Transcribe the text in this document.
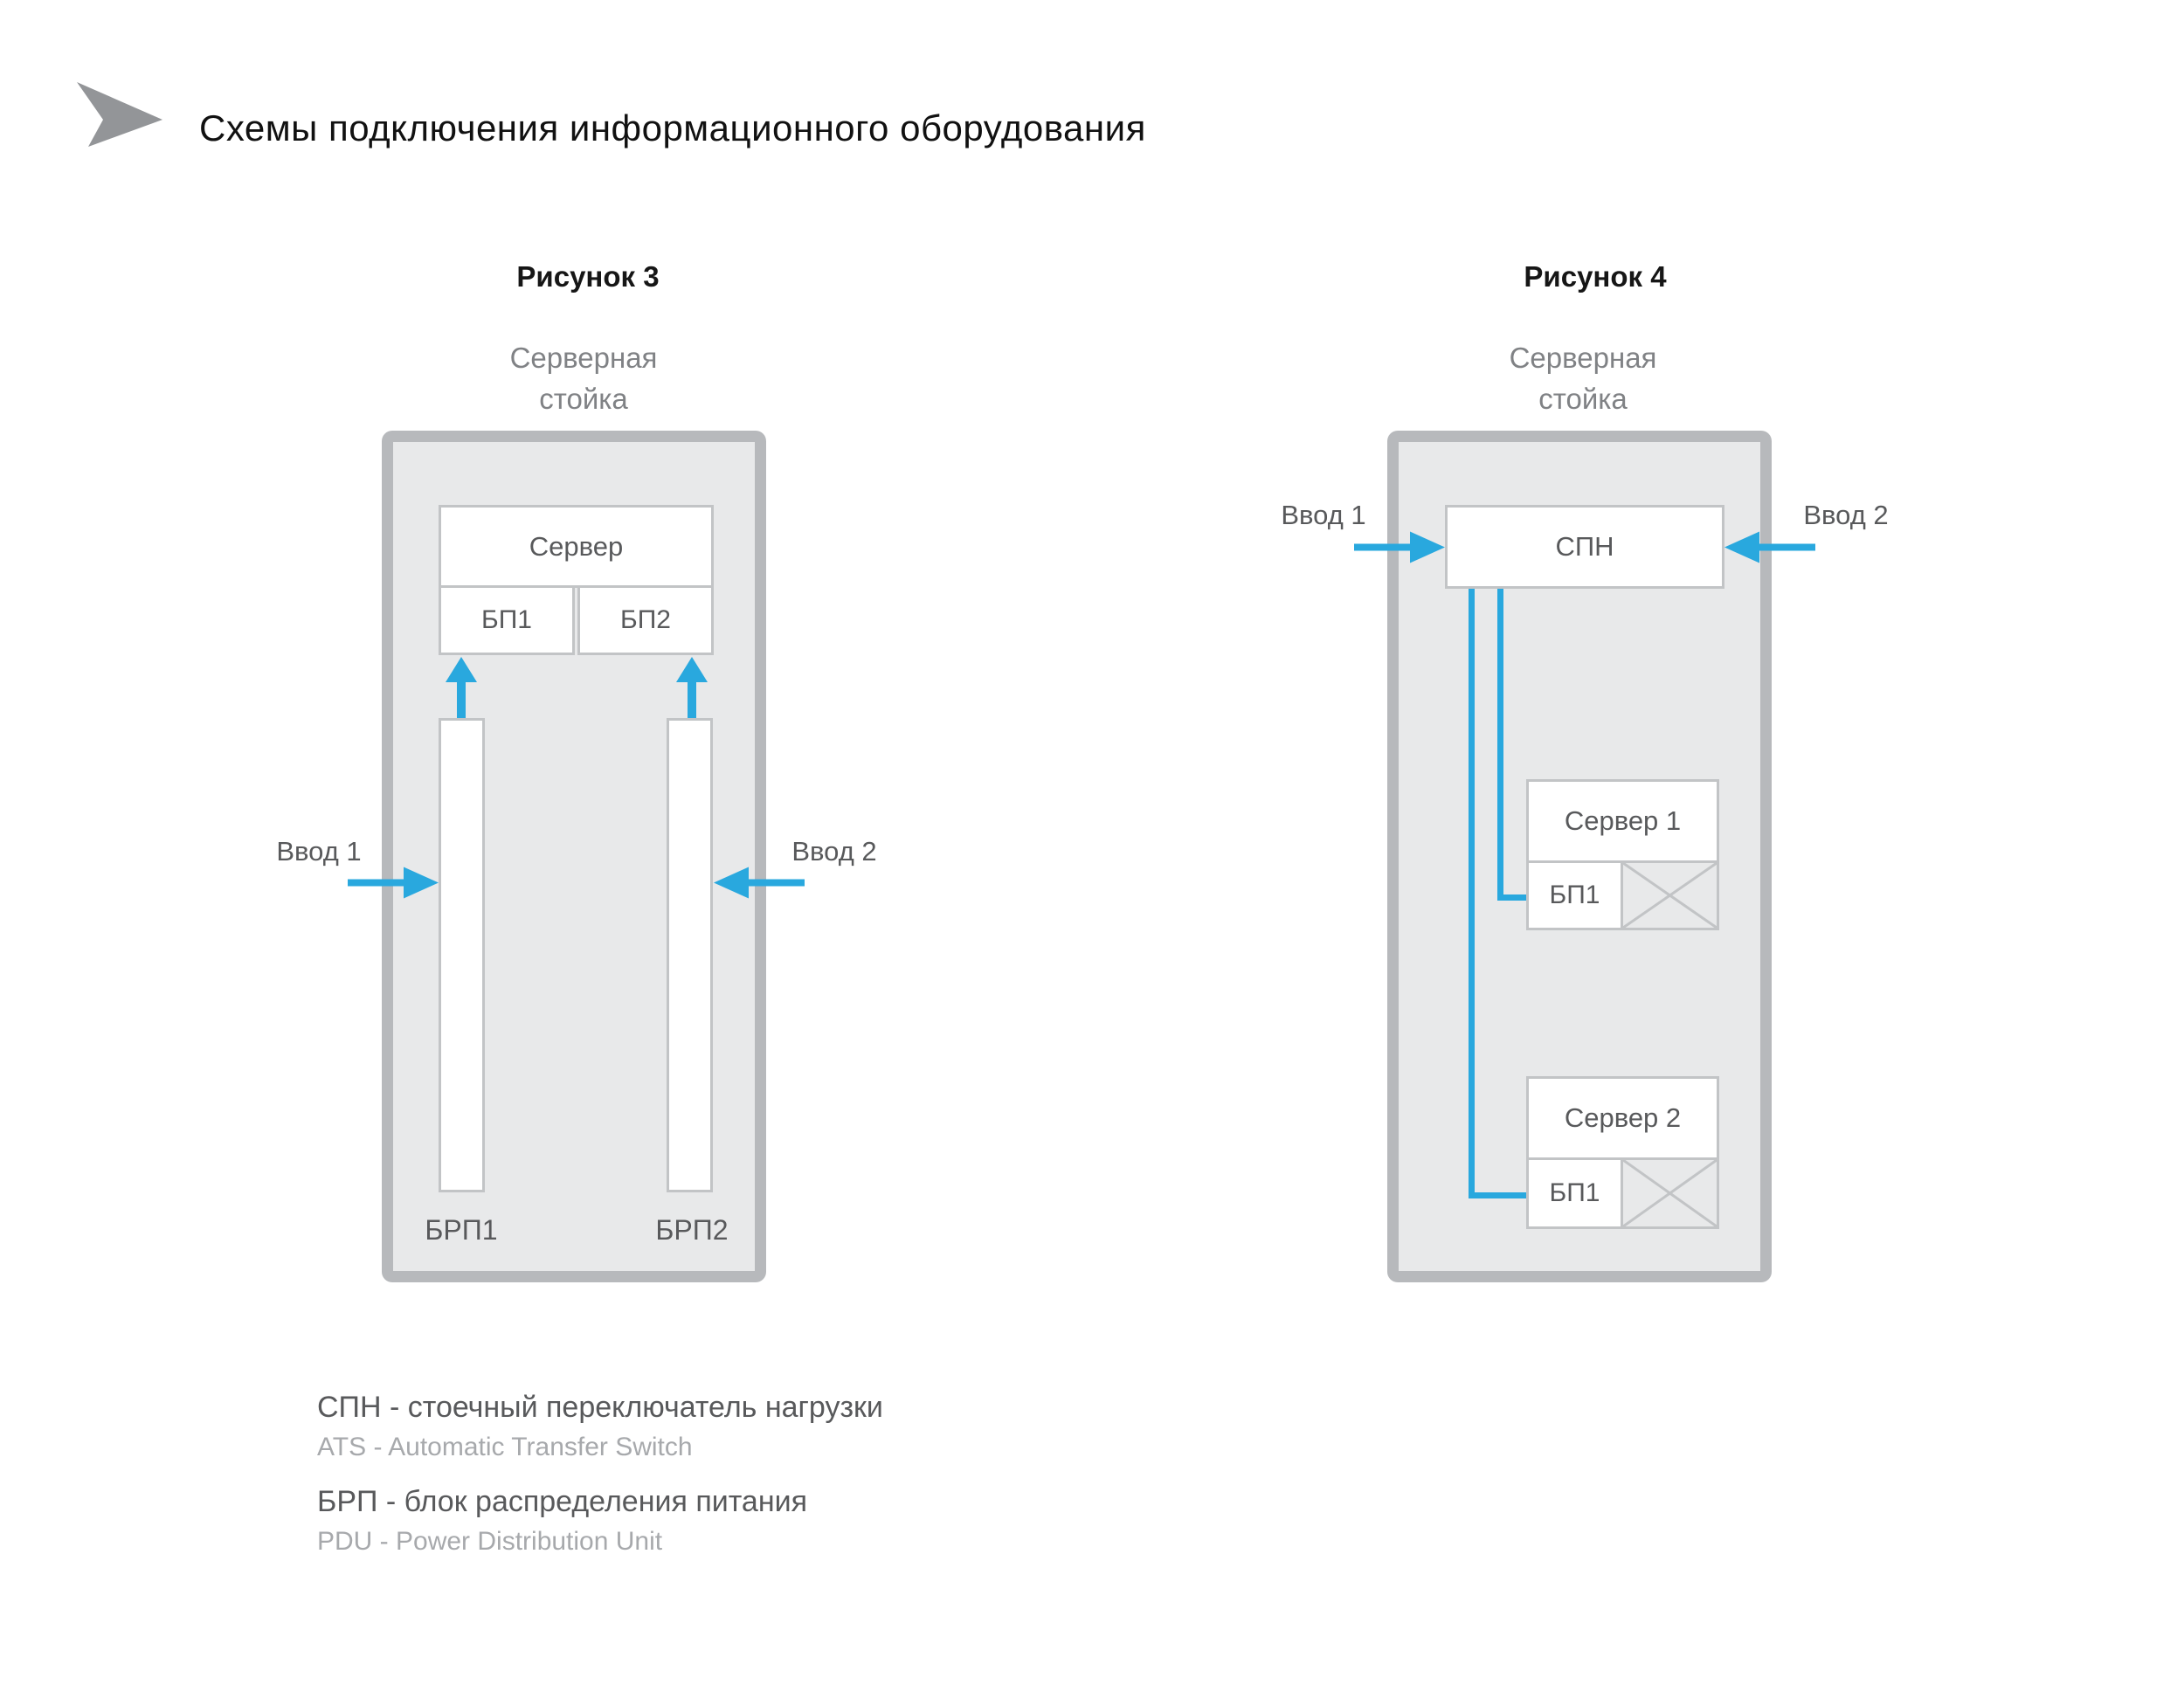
Схемы подключения информационного оборудования
Рисунок 3
Серверная
стойка
Сервер
БП1	БП2
БРП1	БРП2
Ввод 1	Ввод 2
Рисунок 4
Серверная
стойка
СПН
Ввод 1	Ввод 2
Сервер 1
БП1
Сервер 2
БП1
СПН - стоечный переключатель нагрузки
ATS - Automatic Transfer Switch
БРП - блок распределения питания
PDU - Power Distribution Unit
